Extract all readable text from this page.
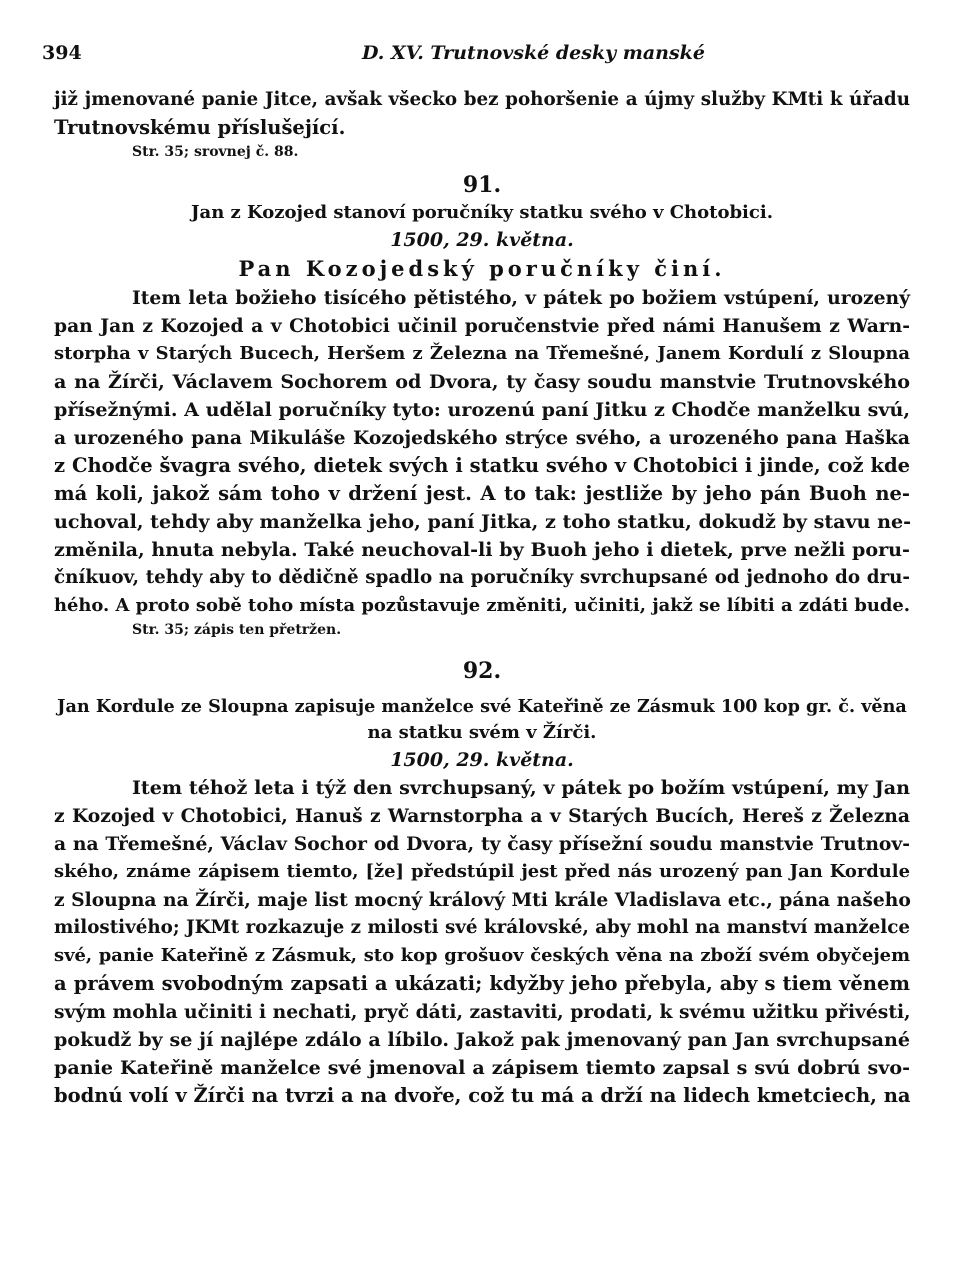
394	D. XV. Trutnovské desky manské
již jmenované panie Jitce, avšak všecko bez pohoršenie a újmy služby KMti k úřadu
Trutnovskému příslušející.
Str. 35; srovnej č. 88.
91.
Jan z Kozojed stanoví poručníky statku svého v Chotobici.
1500, 29. května.
Pan Kozojedský poručníky činí.
Item leta božieho tisícého pětistého, v pátek po božiem vstúpení, urozený
pan Jan z Kozojed a v Chotobici učinil poručenstvie před námi Hanušem z Warn-
storpha v Starých Bucech, Heršem z Železna na Třemešné, Janem Kordulí z Sloupna
a na Žírči, Václavem Sochorem od Dvora, ty časy soudu manstvie Trutnovského
přísežnými. A udělal poručníky tyto: urozenú paní Jitku z Chodče manželku svú,
a urozeného pana Mikuláše Kozojedského strýce svého, a urozeného pana Haška
z Chodče švagra svého, dietek svých i statku svého v Chotobici i jinde, což kde
má koli, jakož sám toho v držení jest. A to tak: jestliže by jeho pán Buoh ne-
uchoval, tehdy aby manželka jeho, paní Jitka, z toho statku, dokudž by stavu ne-
změnila, hnuta nebyla. Také neuchoval-li by Buoh jeho i dietek, prve nežli poru-
čníkuov, tehdy aby to dědičně spadlo na poručníky svrchupsané od jednoho do dru-
hého. A proto sobě toho místa pozůstavuje změniti, učiniti, jakž se líbiti a zdáti bude.
Str. 35; zápis ten přetržen.
92.
Jan Kordule ze Sloupna zapisuje manželce své Kateřině ze Zásmuk 100 kop gr. č. věna
na statku svém v Žírči.
1500, 29. května.
Item téhož leta i týž den svrchupsaný, v pátek po božím vstúpení, my Jan
z Kozojed v Chotobici, Hanuš z Warnstorpha a v Starých Bucích, Hereš z Železna
a na Třemešné, Václav Sochor od Dvora, ty časy přísežní soudu manstvie Trutnov-
ského, známe zápisem tiemto, [že] předstúpil jest před nás urozený pan Jan Kordule
z Sloupna na Žírči, maje list mocný králový Mti krále Vladislava etc., pána našeho
milostivého; JKMt rozkazuje z milosti své královské, aby mohl na manství manželce
své, panie Kateřině z Zásmuk, sto kop grošuov českých věna na zboží svém obyčejem
a právem svobodným zapsati a ukázati; kdyžby jeho přebyla, aby s tiem věnem
svým mohla učiniti i nechati, pryč dáti, zastaviti, prodati, k svému užitku přivésti,
pokudž by se jí najlépe zdálo a líbilo. Jakož pak jmenovaný pan Jan svrchupsané
panie Kateřině manželce své jmenoval a zápisem tiemto zapsal s svú dobrú svo-
bodnú volí v Žírči na tvrzi a na dvoře, což tu má a drží na lidech kmetciech, na
